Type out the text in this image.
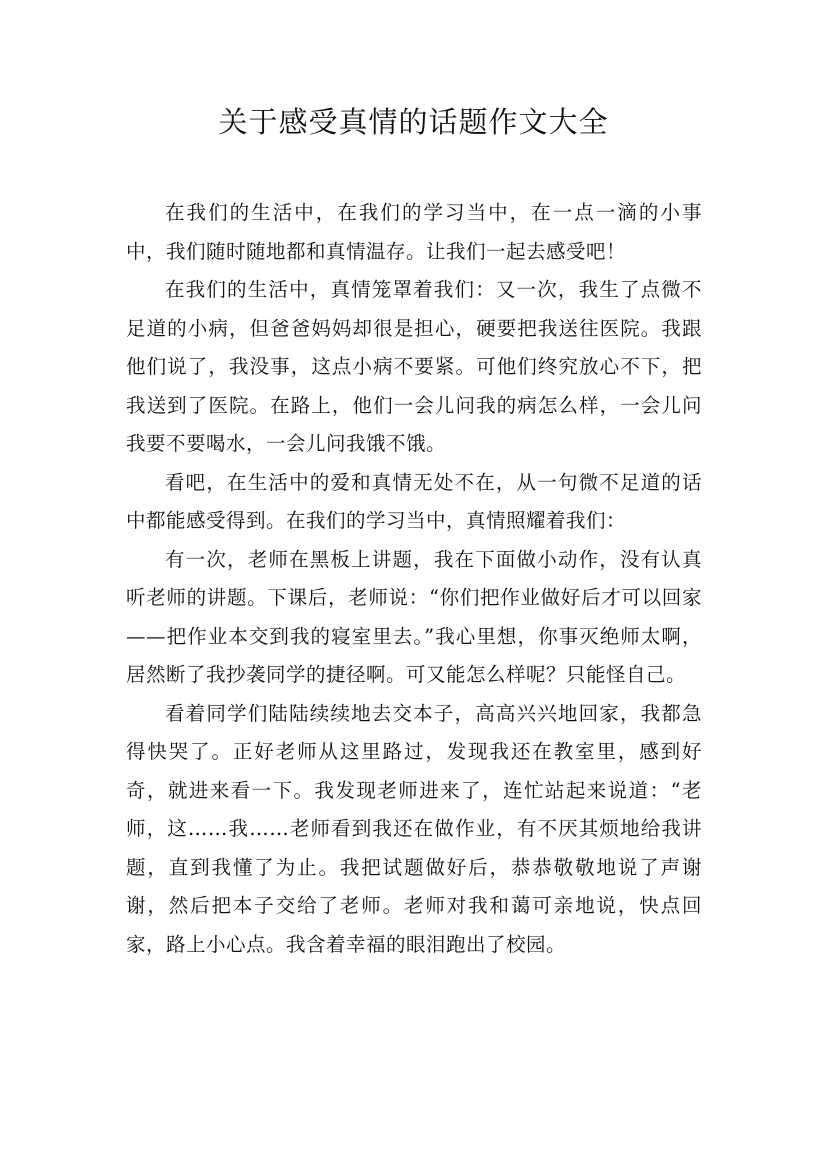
关于感受真情的话题作文大全

在我们的生活中，在我们的学习当中，在一点一滴的小事中，我们随时随地都和真情温存。让我们一起去感受吧！

在我们的生活中，真情笼罩着我们：又一次，我生了点微不足道的小病，但爸爸妈妈却很是担心，硬要把我送往医院。我跟他们说了，我没事，这点小病不要紧。可他们终究放心不下，把我送到了医院。在路上，他们一会儿问我的病怎么样，一会儿问我要不要喝水，一会儿问我饿不饿。

看吧，在生活中的爱和真情无处不在，从一句微不足道的话中都能感受得到。在我们的学习当中，真情照耀着我们：

有一次，老师在黑板上讲题，我在下面做小动作，没有认真听老师的讲题。下课后，老师说：“你们把作业做好后才可以回家——把作业本交到我的寝室里去。”我心里想，你事灭绝师太啊，居然断了我抄袭同学的捷径啊。可又能怎么样呢？只能怪自己。

看着同学们陆陆续续地去交本子，高高兴兴地回家，我都急得快哭了。正好老师从这里路过，发现我还在教室里，感到好奇，就进来看一下。我发现老师进来了，连忙站起来说道：“老师，这……我……老师看到我还在做作业，有不厌其烦地给我讲题，直到我懂了为止。我把试题做好后，恭恭敬敬地说了声谢谢，然后把本子交给了老师。老师对我和蔼可亲地说，快点回家，路上小心点。我含着幸福的眼泪跑出了校园。
